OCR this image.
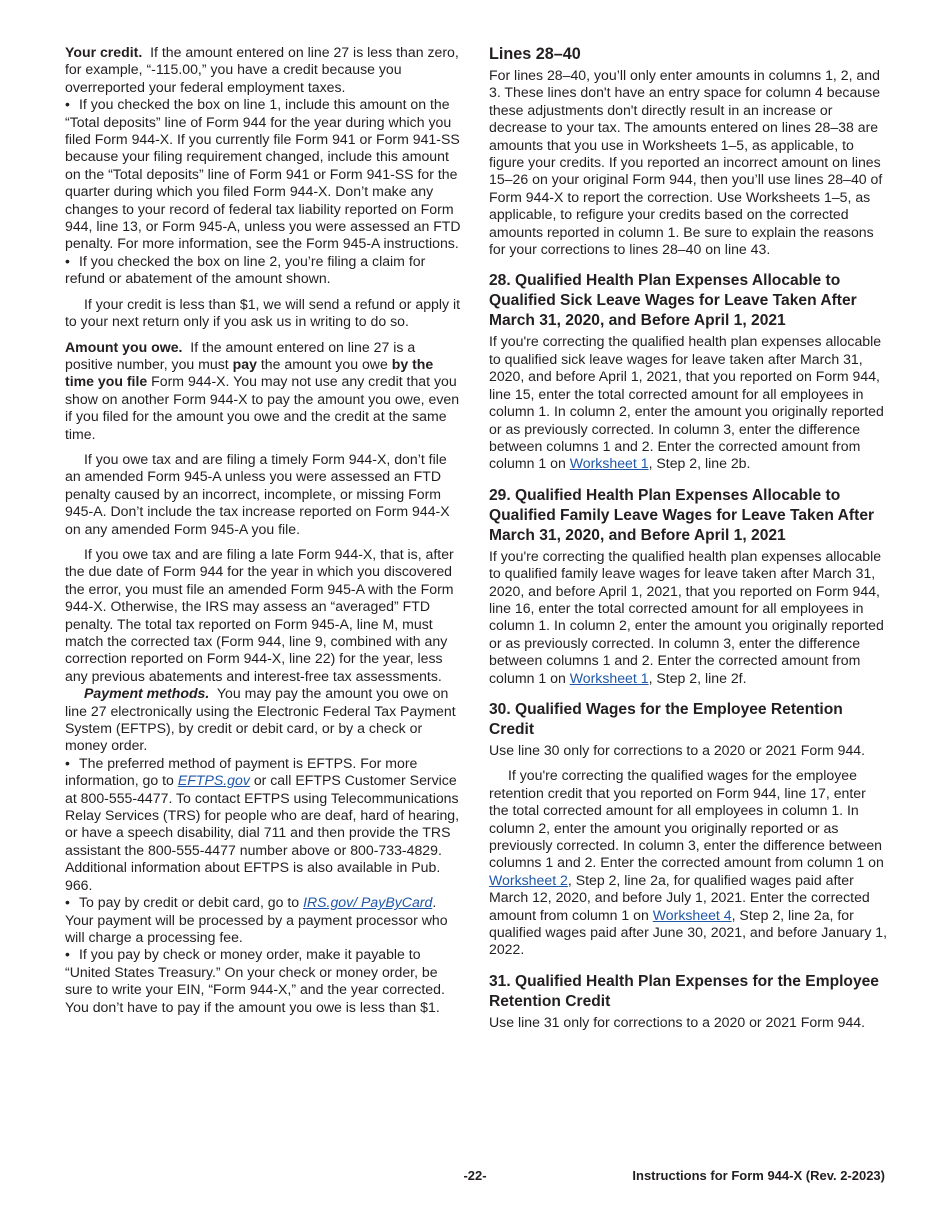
Your credit. If the amount entered on line 27 is less than zero, for example, “-115.00,” you have a credit because you overreported your federal employment taxes.

• If you checked the box on line 1, include this amount on the “Total deposits” line of Form 944 for the year during which you filed Form 944-X. If you currently file Form 941 or Form 941-SS because your filing requirement changed, include this amount on the “Total deposits” line of Form 941 or Form 941-SS for the quarter during which you filed Form 944-X. Don’t make any changes to your record of federal tax liability reported on Form 944, line 13, or Form 945-A, unless you were assessed an FTD penalty. For more information, see the Form 945-A instructions.

• If you checked the box on line 2, you’re filing a claim for refund or abatement of the amount shown.

If your credit is less than $1, we will send a refund or apply it to your next return only if you ask us in writing to do so.

Amount you owe. If the amount entered on line 27 is a positive number, you must pay the amount you owe by the time you file Form 944-X. You may not use any credit that you show on another Form 944-X to pay the amount you owe, even if you filed for the amount you owe and the credit at the same time.

If you owe tax and are filing a timely Form 944-X, don’t file an amended Form 945-A unless you were assessed an FTD penalty caused by an incorrect, incomplete, or missing Form 945-A. Don’t include the tax increase reported on Form 944-X on any amended Form 945-A you file.

If you owe tax and are filing a late Form 944-X, that is, after the due date of Form 944 for the year in which you discovered the error, you must file an amended Form 945-A with the Form 944-X. Otherwise, the IRS may assess an “averaged” FTD penalty. The total tax reported on Form 945-A, line M, must match the corrected tax (Form 944, line 9, combined with any correction reported on Form 944-X, line 22) for the year, less any previous abatements and interest-free tax assessments.

Payment methods. You may pay the amount you owe on line 27 electronically using the Electronic Federal Tax Payment System (EFTPS), by credit or debit card, or by a check or money order.

• The preferred method of payment is EFTPS. For more information, go to EFTPS.gov or call EFTPS Customer Service at 800-555-4477. To contact EFTPS using Telecommunications Relay Services (TRS) for people who are deaf, hard of hearing, or have a speech disability, dial 711 and then provide the TRS assistant the 800-555-4477 number above or 800-733-4829. Additional information about EFTPS is also available in Pub. 966.

• To pay by credit or debit card, go to IRS.gov/ PayByCard. Your payment will be processed by a payment processor who will charge a processing fee.

• If you pay by check or money order, make it payable to “United States Treasury.” On your check or money order, be sure to write your EIN, “Form 944-X,” and the year corrected.

You don’t have to pay if the amount you owe is less than $1.

Lines 28–40

For lines 28–40, you’ll only enter amounts in columns 1, 2, and 3. These lines don't have an entry space for column 4 because these adjustments don't directly result in an increase or decrease to your tax. The amounts entered on lines 28–38 are amounts that you use in Worksheets 1–5, as applicable, to figure your credits. If you reported an incorrect amount on lines 15–26 on your original Form 944, then you’ll use lines 28–40 of Form 944-X to report the correction. Use Worksheets 1–5, as applicable, to refigure your credits based on the corrected amounts reported in column 1. Be sure to explain the reasons for your corrections to lines 28–40 on line 43.

28. Qualified Health Plan Expenses Allocable to Qualified Sick Leave Wages for Leave Taken After March 31, 2020, and Before April 1, 2021

If you're correcting the qualified health plan expenses allocable to qualified sick leave wages for leave taken after March 31, 2020, and before April 1, 2021, that you reported on Form 944, line 15, enter the total corrected amount for all employees in column 1. In column 2, enter the amount you originally reported or as previously corrected. In column 3, enter the difference between columns 1 and 2. Enter the corrected amount from column 1 on Worksheet 1, Step 2, line 2b.

29. Qualified Health Plan Expenses Allocable to Qualified Family Leave Wages for Leave Taken After March 31, 2020, and Before April 1, 2021

If you're correcting the qualified health plan expenses allocable to qualified family leave wages for leave taken after March 31, 2020, and before April 1, 2021, that you reported on Form 944, line 16, enter the total corrected amount for all employees in column 1. In column 2, enter the amount you originally reported or as previously corrected. In column 3, enter the difference between columns 1 and 2. Enter the corrected amount from column 1 on Worksheet 1, Step 2, line 2f.

30. Qualified Wages for the Employee Retention Credit

Use line 30 only for corrections to a 2020 or 2021 Form 944.

If you're correcting the qualified wages for the employee retention credit that you reported on Form 944, line 17, enter the total corrected amount for all employees in column 1. In column 2, enter the amount you originally reported or as previously corrected. In column 3, enter the difference between columns 1 and 2. Enter the corrected amount from column 1 on Worksheet 2, Step 2, line 2a, for qualified wages paid after March 12, 2020, and before July 1, 2021. Enter the corrected amount from column 1 on Worksheet 4, Step 2, line 2a, for qualified wages paid after June 30, 2021, and before January 1, 2022.

31. Qualified Health Plan Expenses for the Employee Retention Credit

Use line 31 only for corrections to a 2020 or 2021 Form 944.

-22-	Instructions for Form 944-X (Rev. 2-2023)
